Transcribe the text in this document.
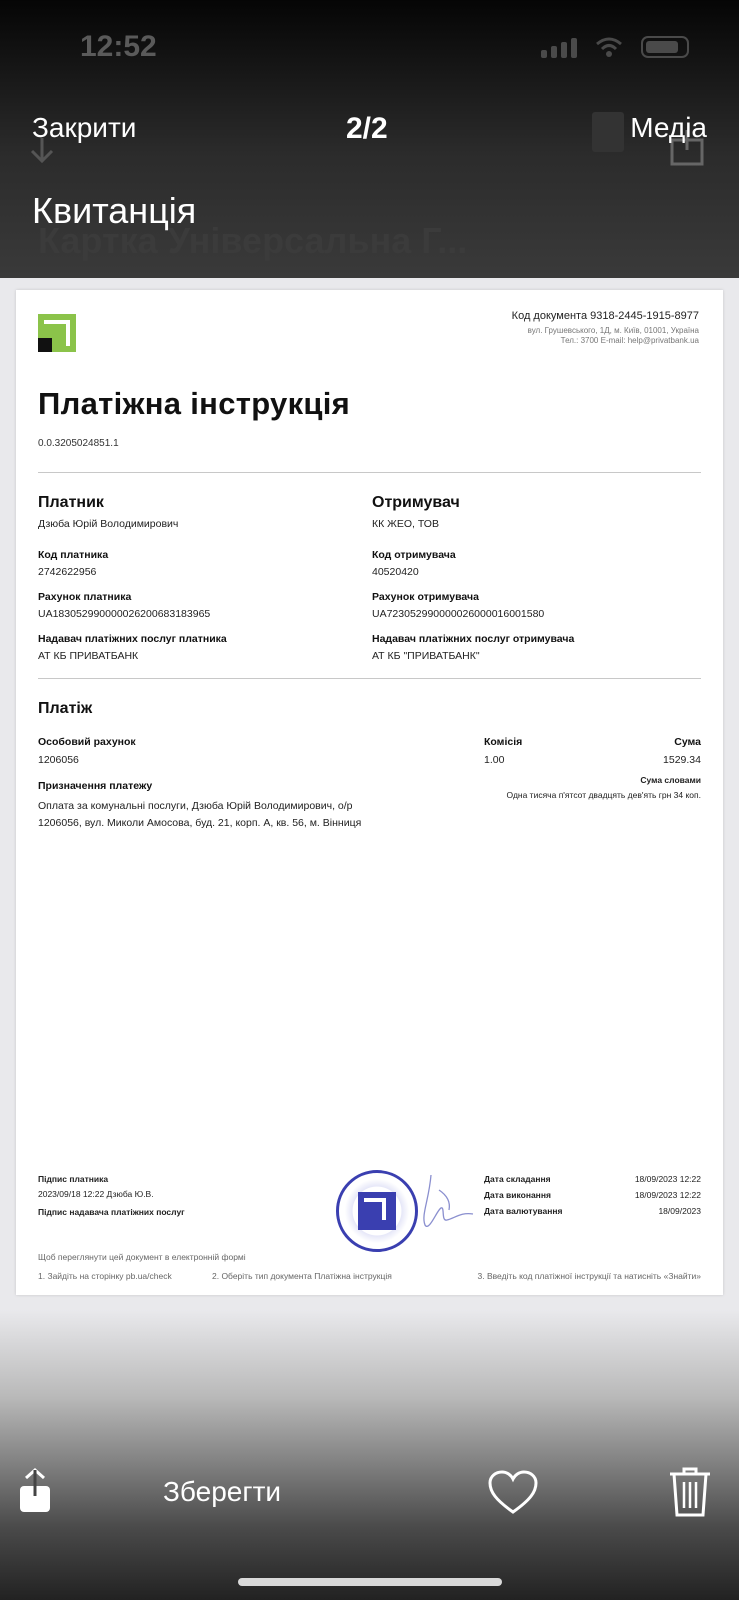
12:52
Картка Універсальна Г...
Закрити	2/2	Медіа
Квитанція
Код документа 9318-2445-1915-8977
вул. Грушевського, 1Д, м. Київ, 01001, Україна
Тел.: 3700 E-mail: help@privatbank.ua
Платіжна інструкція
0.0.3205024851.1
Платник
Дзюба Юрій Володимирович
Код платника
2742622956
Рахунок платника
UA183052990000026200683183965
Надавач платіжних послуг платника
АТ КБ ПРИВАТБАНК
Отримувач
КК ЖЕО, ТОВ
Код отримувача
40520420
Рахунок отримувача
UA723052990000026000016001580
Надавач платіжних послуг отримувача
АТ КБ "ПРИВАТБАНК"
Платіж
Особовий рахунок
1206056
Призначення платежу
Оплата за комунальні послуги, Дзюба Юрій Володимирович, о/р 1206056, вул. Миколи Амосова, буд. 21, корп. А, кв. 56, м. Вінниця
Комісія
1.00
Сума
1529.34
Сума словами
Одна тисяча п'ятсот двадцять дев'ять грн 34 коп.
Підпис платника
2023/09/18 12:22 Дзюба Ю.В.
Підпис надавача платіжних послуг
Дата складання	18/09/2023 12:22
Дата виконання	18/09/2023 12:22
Дата валютування	18/09/2023
Щоб переглянути цей документ в електронній формі
1. Зайдіть на сторінку pb.ua/check	2. Оберіть тип документа Платіжна інструкція	3. Введіть код платіжної інструкції та натисніть «Знайти»
Зберегти
